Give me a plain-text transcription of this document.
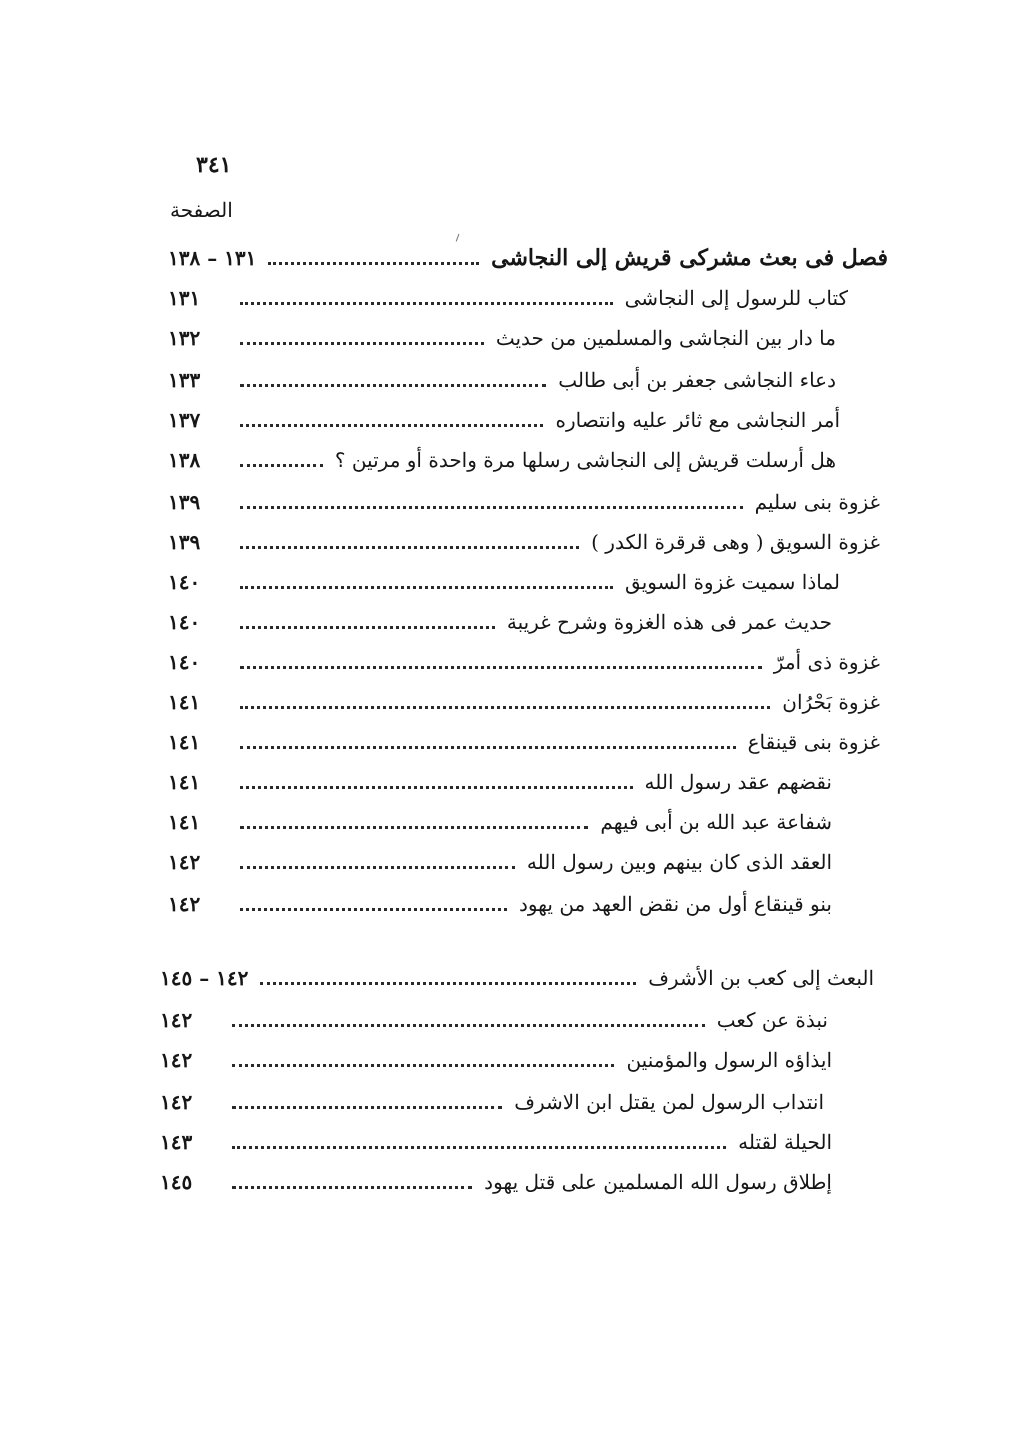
٣٤١
الصفحة
فصل فى بعث مشركى قريش إلى النجاشى
١٣١ – ١٣٨
كتاب للرسول إلى النجاشى
١٣١
ما دار بين النجاشى والمسلمين من حديث
١٣٢
دعاء النجاشى جعفر بن أبى طالب
١٣٣
أمر النجاشى مع ثائر عليه وانتصاره
١٣٧
هل أرسلت قريش إلى النجاشى رسلها مرة واحدة أو مرتين ؟
١٣٨
غزوة بنى سليم
١٣٩
غزوة السويق ( وهى قرقرة الكدر )
١٣٩
لماذا سميت غزوة السويق
١٤٠
حديث عمر فى هذه الغزوة وشرح غريبة
١٤٠
غزوة ذى أمرّ
١٤٠
غزوة بَحْرُان
١٤١
غزوة بنى قينقاع
١٤١
نقضهم عقد رسول الله
١٤١
شفاعة عبد الله بن أبى فيهم
١٤١
العقد الذى كان بينهم وبين رسول الله
١٤٢
بنو قينقاع أول من نقض العهد من يهود
١٤٢
البعث إلى كعب بن الأشرف
١٤٢ – ١٤٥
نبذة عن كعب
١٤٢
ايذاؤه الرسول والمؤمنين
١٤٢
انتداب الرسول لمن يقتل ابن الاشرف
١٤٢
الحيلة لقتله
١٤٣
إطلاق رسول الله المسلمين على قتل يهود
١٤٥
